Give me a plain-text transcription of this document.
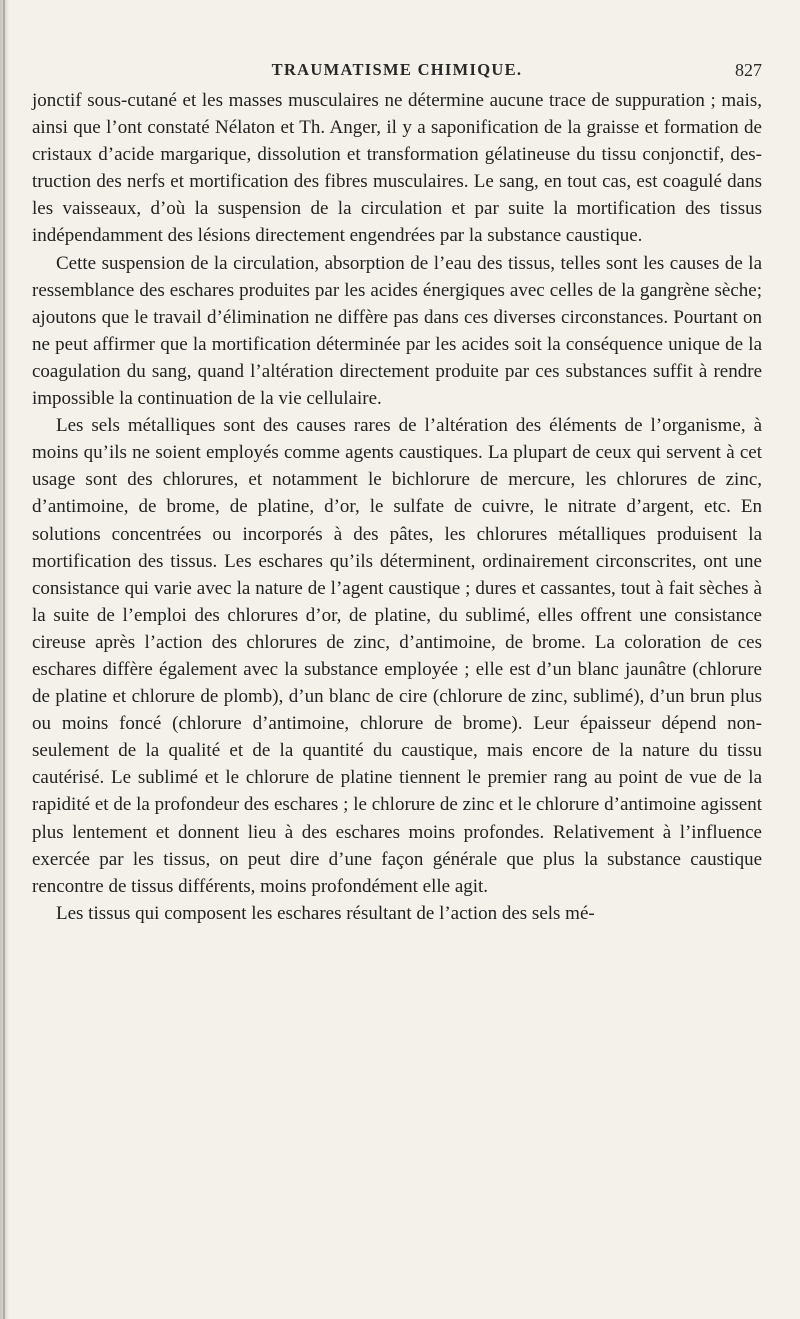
TRAUMATISME CHIMIQUE.	827

jonctif sous-cutané et les masses musculaires ne détermine aucune trace de suppuration ; mais, ainsi que l’ont constaté Nélaton et Th. Anger, il y a saponification de la graisse et formation de cristaux d’acide margarique, dissolution et transformation gélatineuse du tissu conjonctif, destruction des nerfs et mortification des fibres musculaires. Le sang, en tout cas, est coagulé dans les vaisseaux, d’où la suspension de la circulation et par suite la mortification des tissus indépendamment des lésions directement engendrées par la substance caustique.

Cette suspension de la circulation, absorption de l’eau des tissus, telles sont les causes de la ressemblance des eschares produites par les acides énergiques avec celles de la gangrène sèche; ajoutons que le travail d’élimination ne diffère pas dans ces diverses circonstances. Pourtant on ne peut affirmer que la mortification déterminée par les acides soit la conséquence unique de la coagulation du sang, quand l’altération directement produite par ces substances suffit à rendre impossible la continuation de la vie cellulaire.

Les sels métalliques sont des causes rares de l’altération des éléments de l’organisme, à moins qu’ils ne soient employés comme agents caustiques. La plupart de ceux qui servent à cet usage sont des chlorures, et notamment le bichlorure de mercure, les chlorures de zinc, d’antimoine, de brome, de platine, d’or, le sulfate de cuivre, le nitrate d’argent, etc. En solutions concentrées ou incorporés à des pâtes, les chlorures métalliques produisent la mortification des tissus. Les eschares qu’ils déterminent, ordinairement circonscrites, ont une consistance qui varie avec la nature de l’agent caustique ; dures et cassantes, tout à fait sèches à la suite de l’emploi des chlorures d’or, de platine, du sublimé, elles offrent une consistance cireuse après l’action des chlorures de zinc, d’antimoine, de brome. La coloration de ces eschares diffère également avec la substance employée ; elle est d’un blanc jaunâtre (chlorure de platine et chlorure de plomb), d’un blanc de cire (chlorure de zinc, sublimé), d’un brun plus ou moins foncé (chlorure d’antimoine, chlorure de brome). Leur épaisseur dépend non-seulement de la qualité et de la quantité du caustique, mais encore de la nature du tissu cautérisé. Le sublimé et le chlorure de platine tiennent le premier rang au point de vue de la rapidité et de la profondeur des eschares ; le chlorure de zinc et le chlorure d’antimoine agissent plus lentement et donnent lieu à des eschares moins profondes. Relativement à l’influence exercée par les tissus, on peut dire d’une façon générale que plus la substance caustique rencontre de tissus différents, moins profondément elle agit.

Les tissus qui composent les eschares résultant de l’action des sels mé-
